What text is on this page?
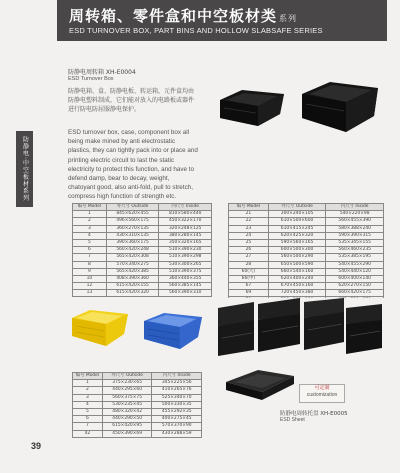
周转箱、零件盒和中空板材类 系列
ESD TURNOVER BOX, PART BINS AND HOLLOW SLABSAFE SERIES
防静电·中空板材系列
防静电周转箱 XH-E0004
ESD Turnover Box
防静电箱、盒、防静电板、转运箱，元件盒均由防静电塑料制成，它们能对放入的电路板或器件进行防电防屈服静电保护。
ESD turnover box, case, component box all being make mined by anti electrostatic plastics, they can tightly pack into or place and printing electric circuit to last the static electricity to protect this function, and have to defend damp, bear to decay, weight, chatoyant good, also anti-fold, pull to stretch, compress high function of strength etc.
编号 Model	外尺寸 Outside	内尺寸 Inside
1	845×620×455	810×580×440
2	496×560×175	450×322×170
3	360×270×135	320×248×125
4	430×310×135	380×280×145
5	390×360×175	350×320×165
6	560×420×248	510×390×230
7	565×420×308	510×390×298
8	570×340×275	530×300×265
9	565×420×385	510×390×375
10	408×390×360	360×440×355
12	615×420×155	560×385×145
13	615×420×320	560×390×310
编号 Model	外尺寸 Outside	内尺寸 Inside
21	300×240×105	540×220×98
22	610×500×600	560×455×390
23	610×415×245	580×388×240
24	620×425×320	590×390×315
25	590×560×165	535×345×155
26	600×500×300	560×460×235
27	560×500×290	535×385×195
28	650×500×590	540×455×290
60(大)	660×540×160	540×440×120
66(中)	620×400×240	600×400×140
67	670×450×160	620×270×150
69	720×450×380	660×420×175

编号 Model	外尺寸 Outside	内尺寸 Inside
1	375×230×65	345×225×56
2	440×295×60	410×265×76
3	560×375×75	525×340×70
4	530×235×45	500×330×35
5	480×320×42	455×292×35
6	440×290×50	400×275×45
7	615×420×95	570×370×90
42	450×390×69	430×288×59
可定制
customization
防静电周转托盘 XH-E0005
ESD Sheet
39
